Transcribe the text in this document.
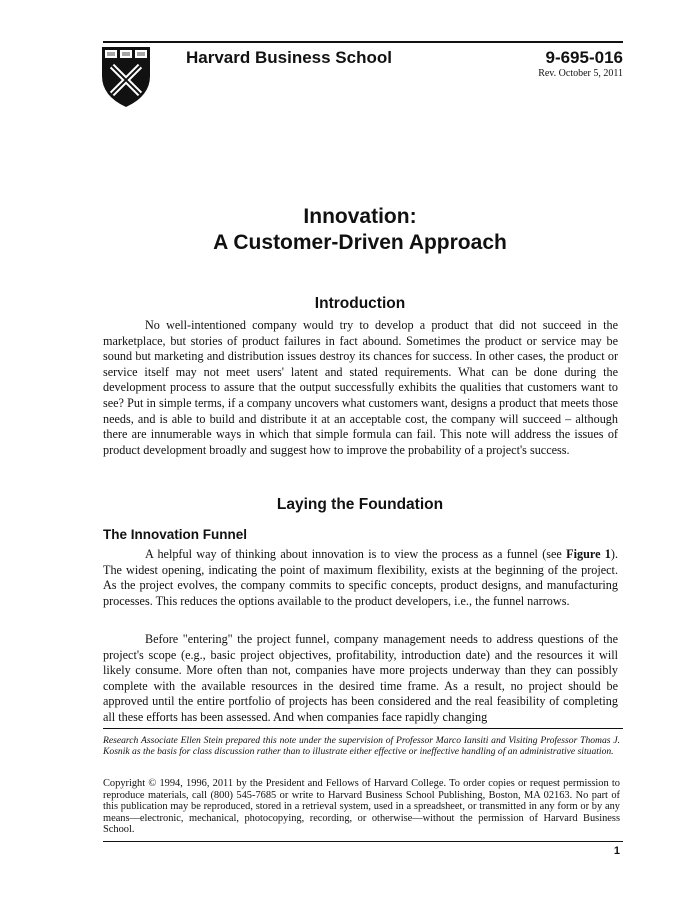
Harvard Business School	9-695-016
Rev. October 5, 2011
Innovation:
A Customer-Driven Approach
Introduction

No well-intentioned company would try to develop a product that did not succeed in the marketplace, but stories of product failures in fact abound. Sometimes the product or service may be sound but marketing and distribution issues destroy its chances for success. In other cases, the product or service itself may not meet users' latent and stated requirements. What can be done during the development process to assure that the output successfully exhibits the qualities that customers want to see? Put in simple terms, if a company uncovers what customers want, designs a product that meets those needs, and is able to build and distribute it at an acceptable cost, the company will succeed – although there are innumerable ways in which that simple formula can fail. This note will address the issues of product development broadly and suggest how to improve the probability of a project's success.

Laying the Foundation
The Innovation Funnel

A helpful way of thinking about innovation is to view the process as a funnel (see Figure 1). The widest opening, indicating the point of maximum flexibility, exists at the beginning of the project. As the project evolves, the company commits to specific concepts, product designs, and manufacturing processes. This reduces the options available to the product developers, i.e., the funnel narrows.

Before "entering" the project funnel, company management needs to address questions of the project's scope (e.g., basic project objectives, profitability, introduction date) and the resources it will likely consume. More often than not, companies have more projects underway than they can possibly complete with the available resources in the desired time frame. As a result, no project should be approved until the entire portfolio of projects has been considered and the real feasibility of completing all these efforts has been assessed. And when companies face rapidly changing

Research Associate Ellen Stein prepared this note under the supervision of Professor Marco Iansiti and Visiting Professor Thomas J. Kosnik as the basis for class discussion rather than to illustrate either effective or ineffective handling of an administrative situation.

Copyright © 1994, 1996, 2011 by the President and Fellows of Harvard College. To order copies or request permission to reproduce materials, call (800) 545-7685 or write to Harvard Business School Publishing, Boston, MA 02163. No part of this publication may be reproduced, stored in a retrieval system, used in a spreadsheet, or transmitted in any form or by any means—electronic, mechanical, photocopying, recording, or otherwise—without the permission of Harvard Business School.

1
